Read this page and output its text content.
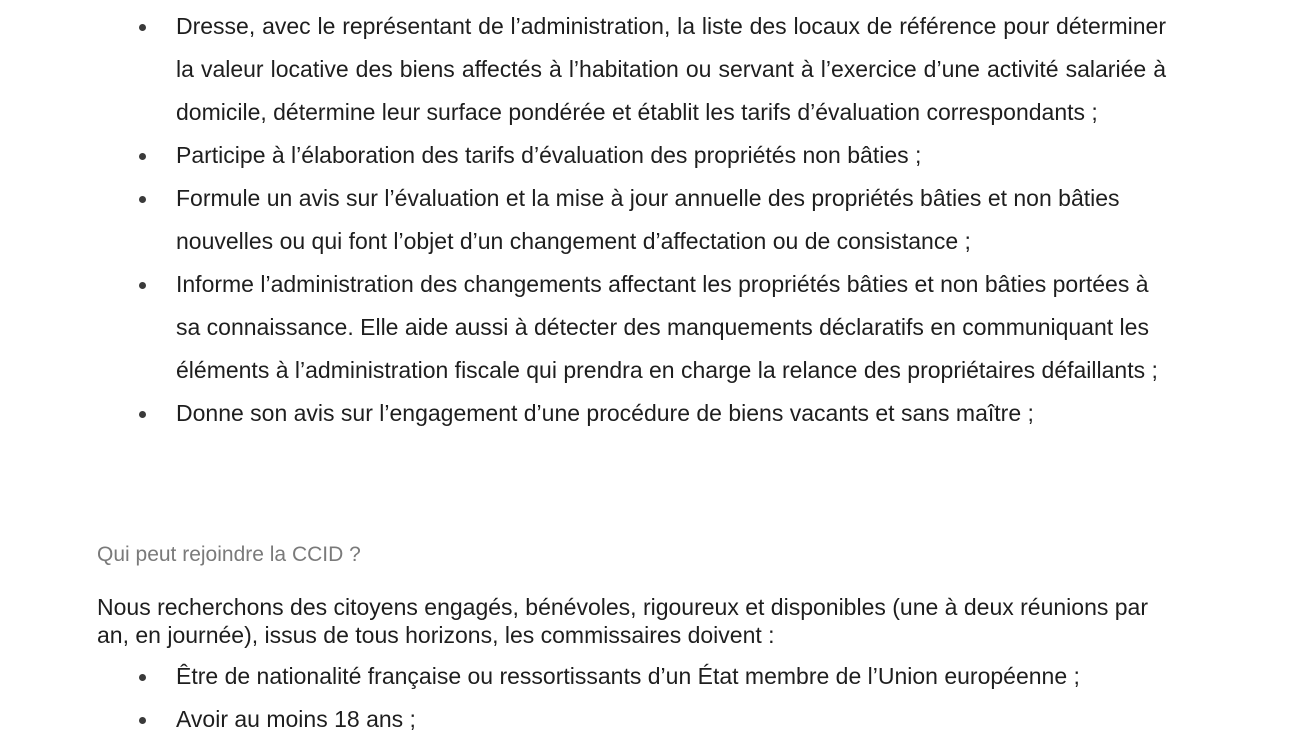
Dresse, avec le représentant de l’administration, la liste des locaux de référence pour déterminer la valeur locative des biens affectés à l’habitation ou servant à l’exercice d’une activité salariée à domicile, détermine leur surface pondérée et établit les tarifs d’évaluation correspondants ;
Participe à l’élaboration des tarifs d’évaluation des propriétés non bâties ;
Formule un avis sur l’évaluation et la mise à jour annuelle des propriétés bâties et non bâties nouvelles ou qui font l’objet d’un changement d’affectation ou de consistance ;
Informe l’administration des changements affectant les propriétés bâties et non bâties portées à sa connaissance. Elle aide aussi à détecter des manquements déclaratifs en communiquant les éléments à l’administration fiscale qui prendra en charge la relance des propriétaires défaillants ;
Donne son avis sur l’engagement d’une procédure de biens vacants et sans maître ;
Qui peut rejoindre la CCID ?

Nous recherchons des citoyens engagés, bénévoles, rigoureux et disponibles (une à deux réunions par an, en journée), issus de tous horizons, les commissaires doivent :

Être de nationalité française ou ressortissants d’un État membre de l’Union européenne ;
Avoir au moins 18 ans ;
